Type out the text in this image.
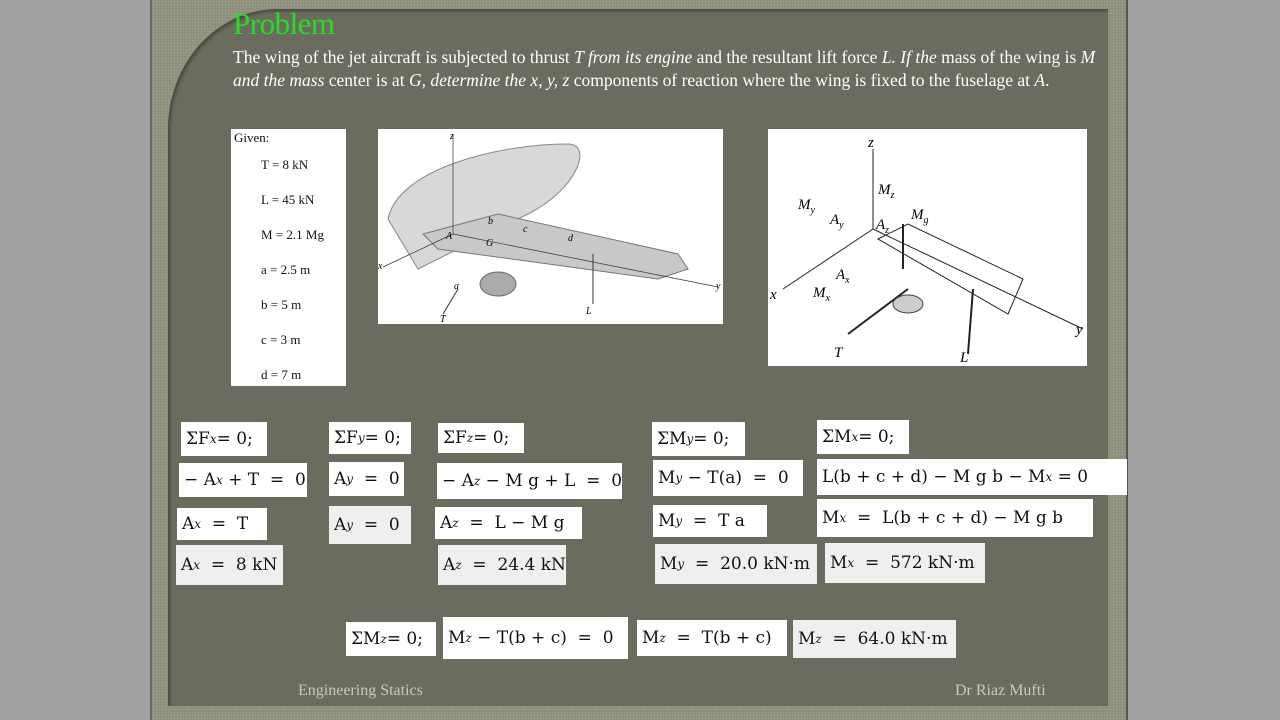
Problem
The wing of the jet aircraft is subjected to thrust T from its engine and the resultant lift force L. If the mass of the wing is M and the mass center is at G, determine the x, y, z components of reaction where the wing is fixed to the fuselage at A.
Given:
T = 8 kN
L = 45 kN
M = 2.1 Mg
a = 2.5 m
b = 5 m
c = 3 m
d = 7 m
z
x
y
A
G
b
c
d
a
T
L
z
$M_z$
$M_y$
$A_y$ $A_z$
$M_g$
$A_x$
$M_x$
x
y
T	L
ΣF x = 0;
− A x + T  =  0
A x =  T
A x =  8 kN
ΣF y = 0;
A y =  0
A y =  0
ΣF z = 0;
− A z − M g + L  =  0
A z =  L − M g
A z =  24.4 kN
ΣM y = 0;
M y − T(a)  =  0
M y =  T a
M y =  20.0 kN·m
ΣM x = 0;
L(b + c + d) − M g b − M x = 0
M x =  L(b + c + d) − M g b
M x =  572 kN·m
ΣM z = 0; M z − T(b + c)  =  0 M z =  T(b + c) M z =  64.0 kN·m
Engineering Statics	Dr Riaz Mufti
